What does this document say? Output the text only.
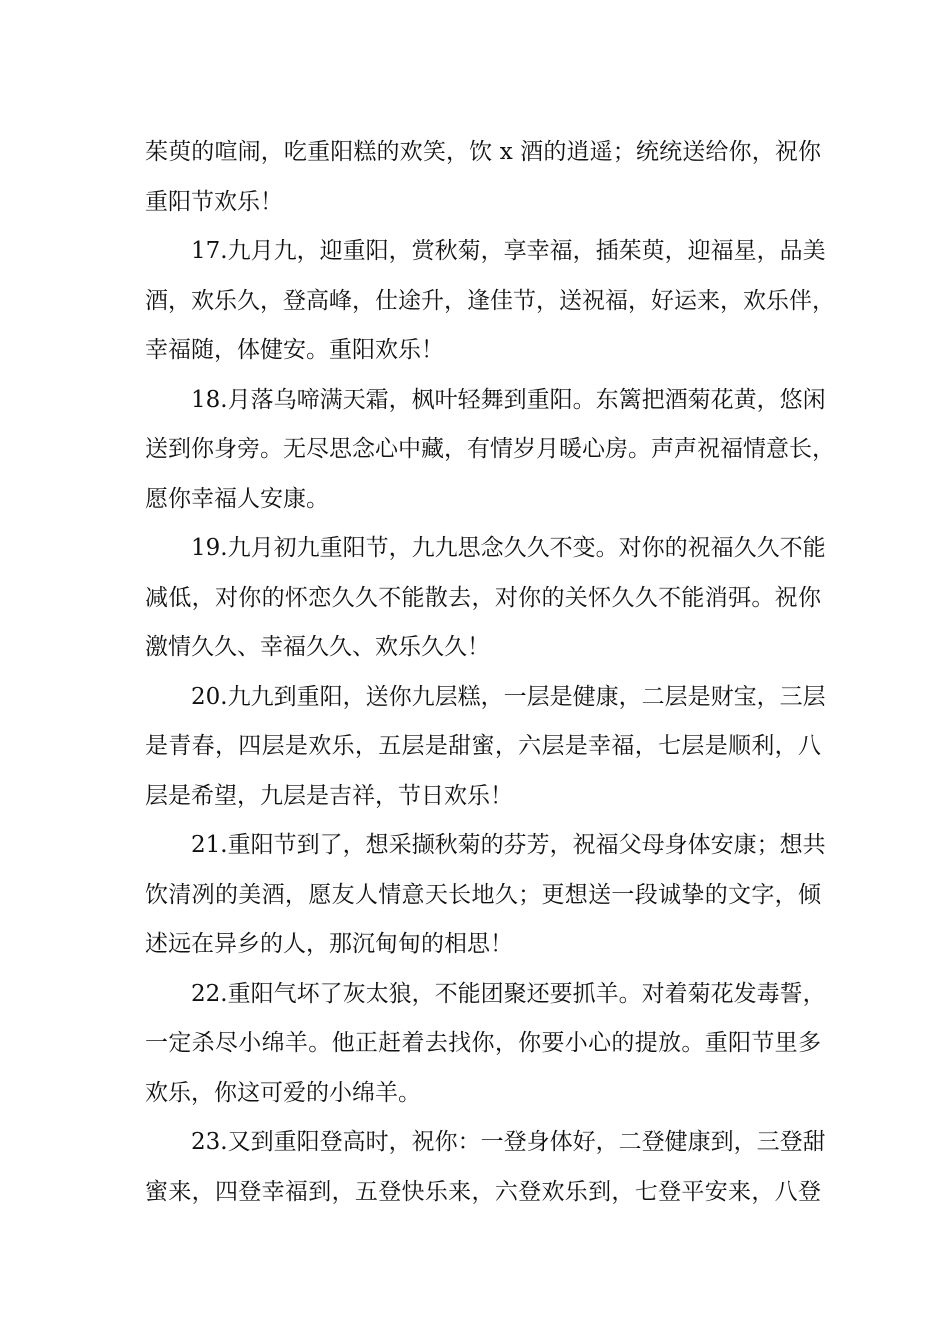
茱萸的喧闹，吃重阳糕的欢笑，饮 x 酒的逍遥；统统送给你，祝你
重阳节欢乐！
17.九月九，迎重阳，赏秋菊，享幸福，插茱萸，迎福星，品美
酒，欢乐久，登高峰，仕途升，逢佳节，送祝福，好运来，欢乐伴，
幸福随，体健安。重阳欢乐！
18.月落乌啼满天霜，枫叶轻舞到重阳。东篱把酒菊花黄，悠闲
送到你身旁。无尽思念心中藏，有情岁月暖心房。声声祝福情意长，
愿你幸福人安康。
19.九月初九重阳节，九九思念久久不变。对你的祝福久久不能
减低，对你的怀恋久久不能散去，对你的关怀久久不能消弭。祝你
激情久久、幸福久久、欢乐久久！
20.九九到重阳，送你九层糕，一层是健康，二层是财宝，三层
是青春，四层是欢乐，五层是甜蜜，六层是幸福，七层是顺利，八
层是希望，九层是吉祥，节日欢乐！
21.重阳节到了，想采撷秋菊的芬芳，祝福父母身体安康；想共
饮清冽的美酒，愿友人情意天长地久；更想送一段诚挚的文字，倾
述远在异乡的人，那沉甸甸的相思！
22.重阳气坏了灰太狼，不能团聚还要抓羊。对着菊花发毒誓，
一定杀尽小绵羊。他正赶着去找你，你要小心的提放。重阳节里多
欢乐，你这可爱的小绵羊。
23.又到重阳登高时，祝你：一登身体好，二登健康到，三登甜
蜜来，四登幸福到，五登快乐来，六登欢乐到，七登平安来，八登
